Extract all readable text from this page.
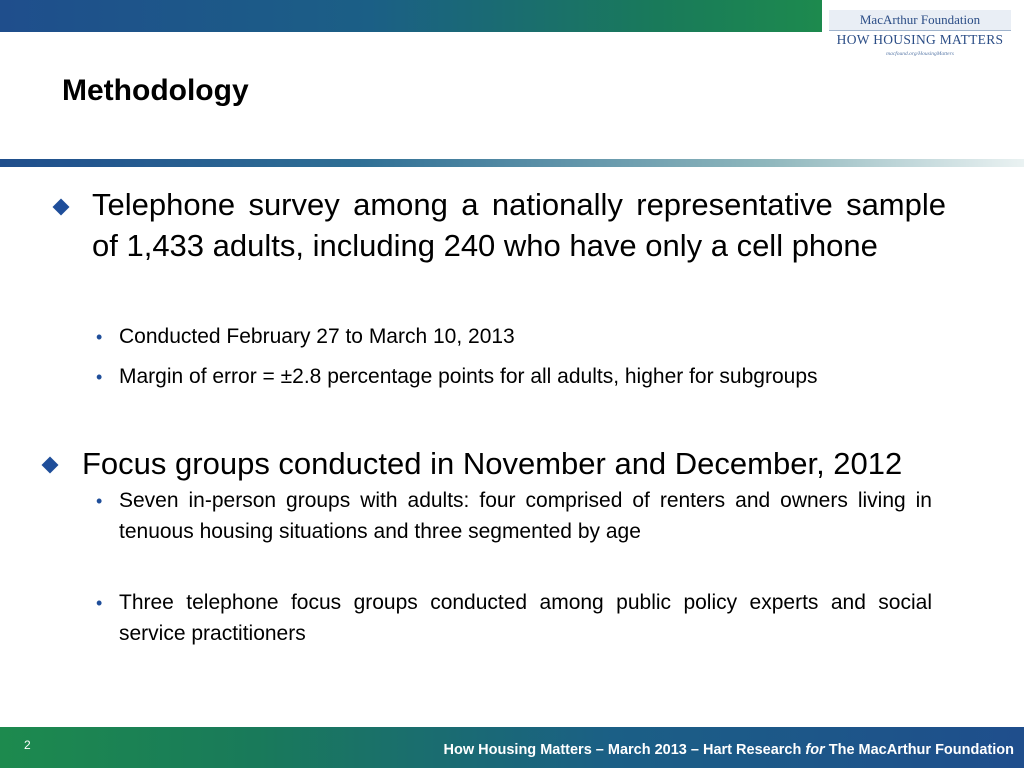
MacArthur Foundation
HOW HOUSING MATTERS
macfound.org/HousingMatters
Methodology
Telephone survey among a nationally representative sample of 1,433 adults, including 240 who have only a cell phone
• Conducted February 27 to March 10, 2013
• Margin of error = ±2.8 percentage points for all adults, higher for subgroups
Focus groups conducted in November and December, 2012
• Seven in-person groups with adults: four comprised of renters and owners living in tenuous housing situations and three segmented by age
• Three telephone focus groups conducted among public policy experts and social service practitioners
2	How Housing Matters – March 2013 – Hart Research for The MacArthur Foundation
